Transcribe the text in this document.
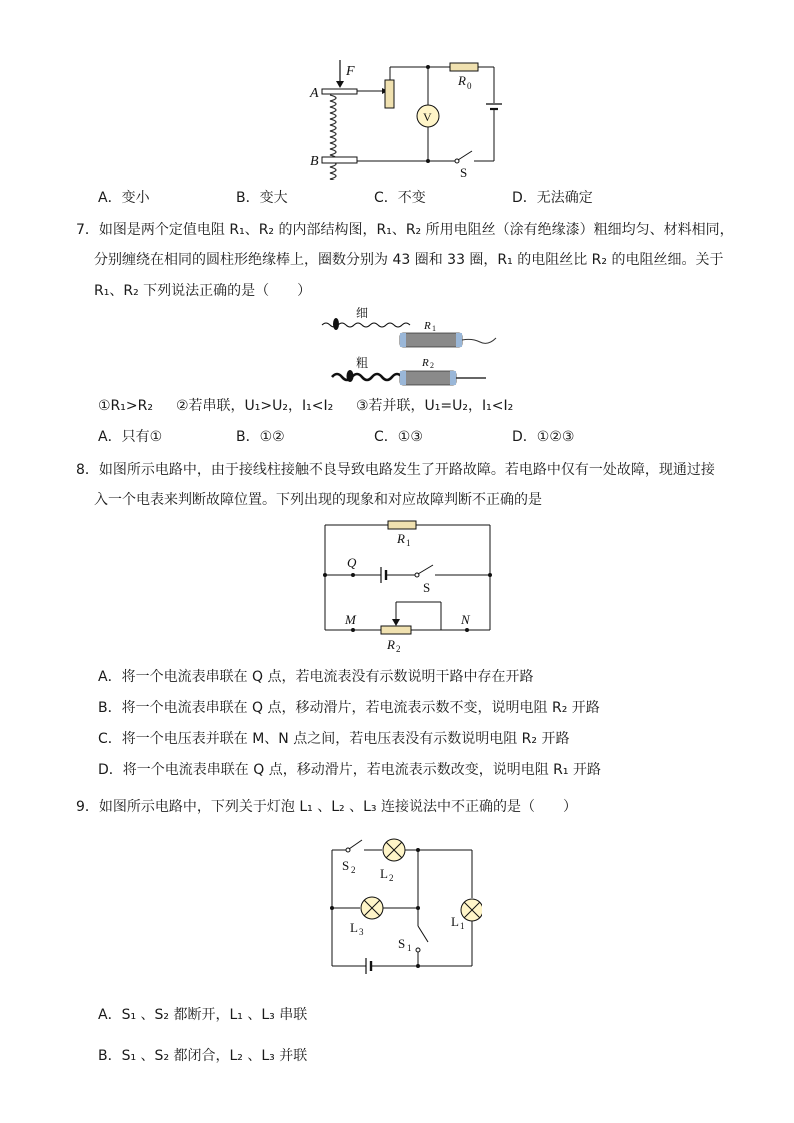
F
A
B
R 0
V
S
A．变小	B．变大	C．不变	D．无法确定
7．如图是两个定值电阻 R₁、R₂ 的内部结构图，R₁、R₂ 所用电阻丝（涂有绝缘漆）粗细均匀、材料相同，
分别缠绕在相同的圆柱形绝缘棒上，圈数分别为 43 圈和 33 圈，R₁ 的电阻丝比 R₂ 的电阻丝细。关于
R₁、R₂ 下列说法正确的是（　　）
细
R 1
粗	R 2
①R₁>R₂	②若串联，U₁>U₂，I₁<I₂	③若并联，U₁=U₂，I₁<I₂
A．只有①	B．①②	C．①③	D．①②③
8．如图所示电路中，由于接线柱接触不良导致电路发生了开路故障。若电路中仅有一处故障，现通过接
入一个电表来判断故障位置。下列出现的现象和对应故障判断不正确的是
R 1
Q
S
M	N
R 2
A．将一个电流表串联在 Q 点，若电流表没有示数说明干路中存在开路
B．将一个电流表串联在 Q 点，移动滑片，若电流表示数不变，说明电阻 R₂ 开路
C．将一个电压表并联在 M、N 点之间，若电压表没有示数说明电阻 R₂ 开路
D．将一个电流表串联在 Q 点，移动滑片，若电流表示数改变，说明电阻 R₁ 开路
9．如图所示电路中，下列关于灯泡 L₁ 、L₂ 、L₃ 连接说法中不正确的是（　　）
S 2 L 2
L 3
S 1
L 1
A．S₁ 、S₂ 都断开，L₁ 、L₃ 串联
B．S₁ 、S₂ 都闭合，L₂ 、L₃ 并联
